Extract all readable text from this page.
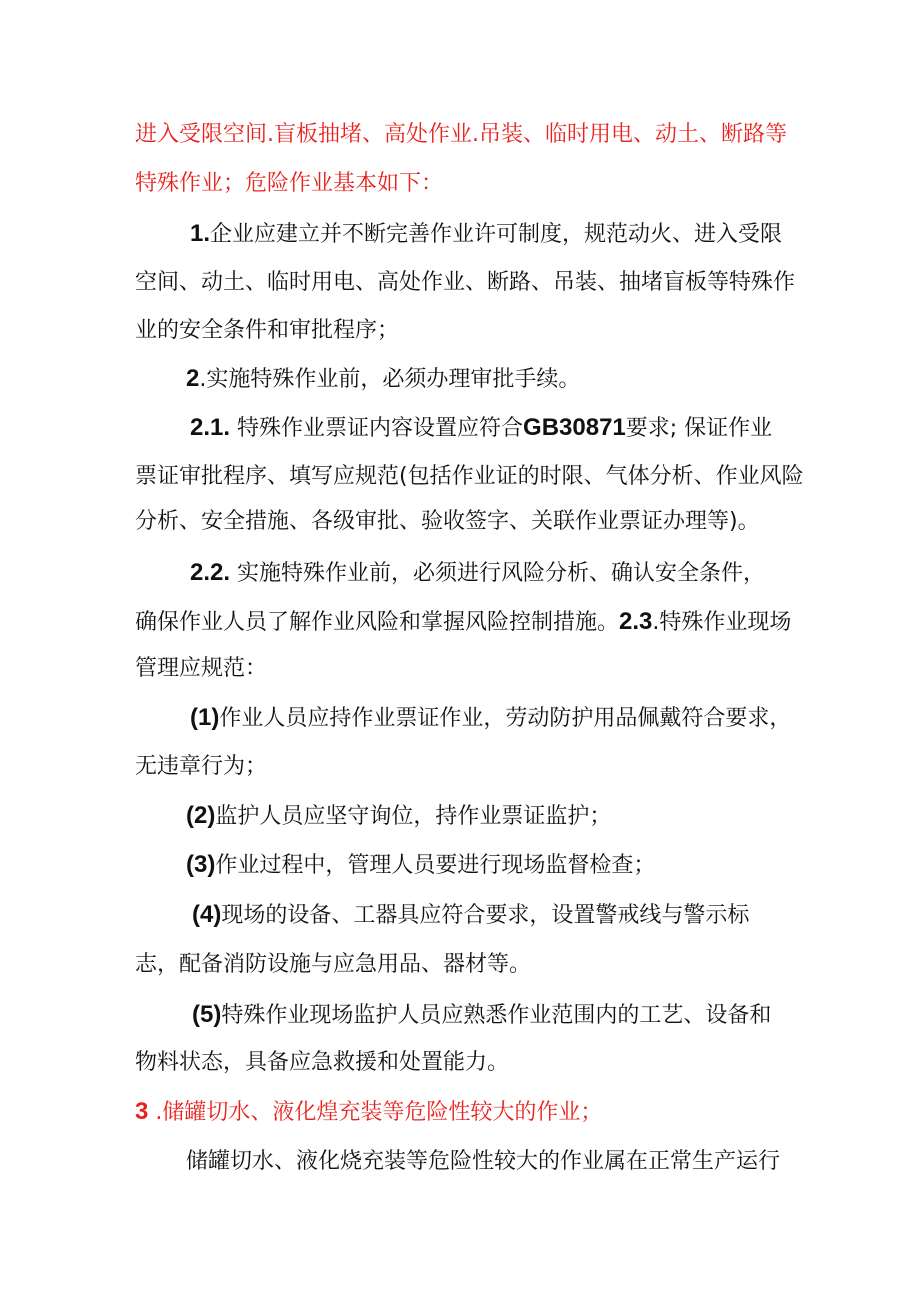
进入受限空间.盲板抽堵、高处作业.吊装、临时用电、动土、断路等
特殊作业；危险作业基本如下：
1.企业应建立并不断完善作业许可制度，规范动火、进入受限
空间、动土、临时用电、高处作业、断路、吊装、抽堵盲板等特殊作
业的安全条件和审批程序；
2.实施特殊作业前，必须办理审批手续。
2.1. 特殊作业票证内容设置应符合GB30871要求; 保证作业
票证审批程序、填写应规范(包括作业证的时限、气体分析、作业风险
分析、安全措施、各级审批、验收签字、关联作业票证办理等)。
2.2. 实施特殊作业前，必须进行风险分析、确认安全条件，
确保作业人员了解作业风险和掌握风险控制措施。2.3.特殊作业现场
管理应规范：
(1)作业人员应持作业票证作业，劳动防护用品佩戴符合要求，
无违章行为；
(2)监护人员应坚守询位，持作业票证监护；
(3)作业过程中，管理人员要进行现场监督检查；
(4)现场的设备、工器具应符合要求，设置警戒线与警示标
志，配备消防设施与应急用品、器材等。
(5)特殊作业现场监护人员应熟悉作业范围内的工艺、设备和
物料状态，具备应急救援和处置能力。
3 .储罐切水、液化煌充装等危险性较大的作业；
储罐切水、液化烧充装等危险性较大的作业属在正常生产运行
